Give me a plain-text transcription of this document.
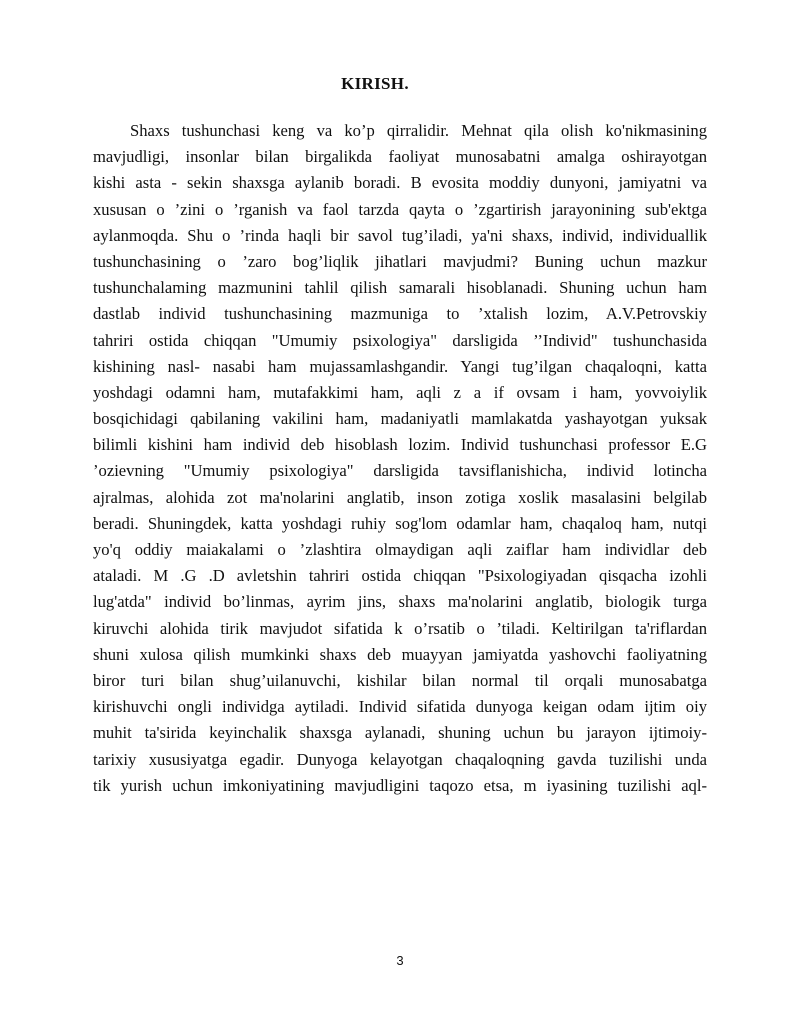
KIRISH.
Shaxs tushunchasi keng va ko’p qirralidir. Mehnat qila olish ko'nikmasining
mavjudligi, insonlar bilan birgalikda faoliyat munosabatni amalga oshirayotgan
kishi asta - sekin shaxsga aylanib boradi. B evosita moddiy dunyoni, jamiyatni va
xususan o ’zini o ’rganish va faol tarzda qayta o ’zgartirish jarayonining sub'ektga
aylanmoqda. Shu o ’rinda haqli bir savol tug’iladi, ya'ni shaxs, individ, individuallik
tushunchasining o ’zaro bog’liqlik jihatlari mavjudmi? Buning uchun mazkur
tushunchalaming mazmunini tahlil qilish samarali hisoblanadi. Shuning uchun ham
dastlab individ tushunchasining mazmuniga to ’xtalish lozim, A.V.Petrovskiy
tahriri ostida chiqqan "Umumiy psixologiya" darsligida ’’Individ" tushunchasida
kishining nasl- nasabi ham mujassamlashgandir. Yangi tug’ilgan chaqaloqni, katta
yoshdagi odamni ham, mutafakkimi ham, aqli z a if ovsam i ham, yovvoiylik
bosqichidagi qabilaning vakilini ham, madaniyatli mamlakatda yashayotgan yuksak
bilimli kishini ham individ deb hisoblash lozim. Individ tushunchasi professor E.G
’ozievning "Umumiy psixologiya" darsligida tavsiflanishicha, individ lotincha
ajralmas, alohida zot ma'nolarini anglatib, inson zotiga xoslik masalasini belgilab
beradi. Shuningdek, katta yoshdagi ruhiy sog'lom odamlar ham, chaqaloq ham, nutqi
yo'q oddiy maiakalami o ’zlashtira olmaydigan aqli zaiflar ham individlar deb
ataladi. M .G .D avletshin tahriri ostida chiqqan "Psixologiyadan qisqacha izohli
lug'atda" individ bo’linmas, ayrim jins, shaxs ma'nolarini anglatib, biologik turga
kiruvchi alohida tirik mavjudot sifatida k o’rsatib o ’tiladi. Keltirilgan ta'riflardan
shuni xulosa qilish mumkinki shaxs deb muayyan jamiyatda yashovchi faoliyatning
biror turi bilan shug’uilanuvchi, kishilar bilan normal til orqali munosabatga
kirishuvchi ongli individga aytiladi. Individ sifatida dunyoga keigan odam ijtim oiy
muhit ta'sirida keyinchalik shaxsga aylanadi, shuning uchun bu jarayon ijtimoiy-
tarixiy xususiyatga egadir. Dunyoga kelayotgan chaqaloqning gavda tuzilishi unda
tik yurish uchun imkoniyatining mavjudligini taqozo etsa, m iyasining tuzilishi aql-
3
